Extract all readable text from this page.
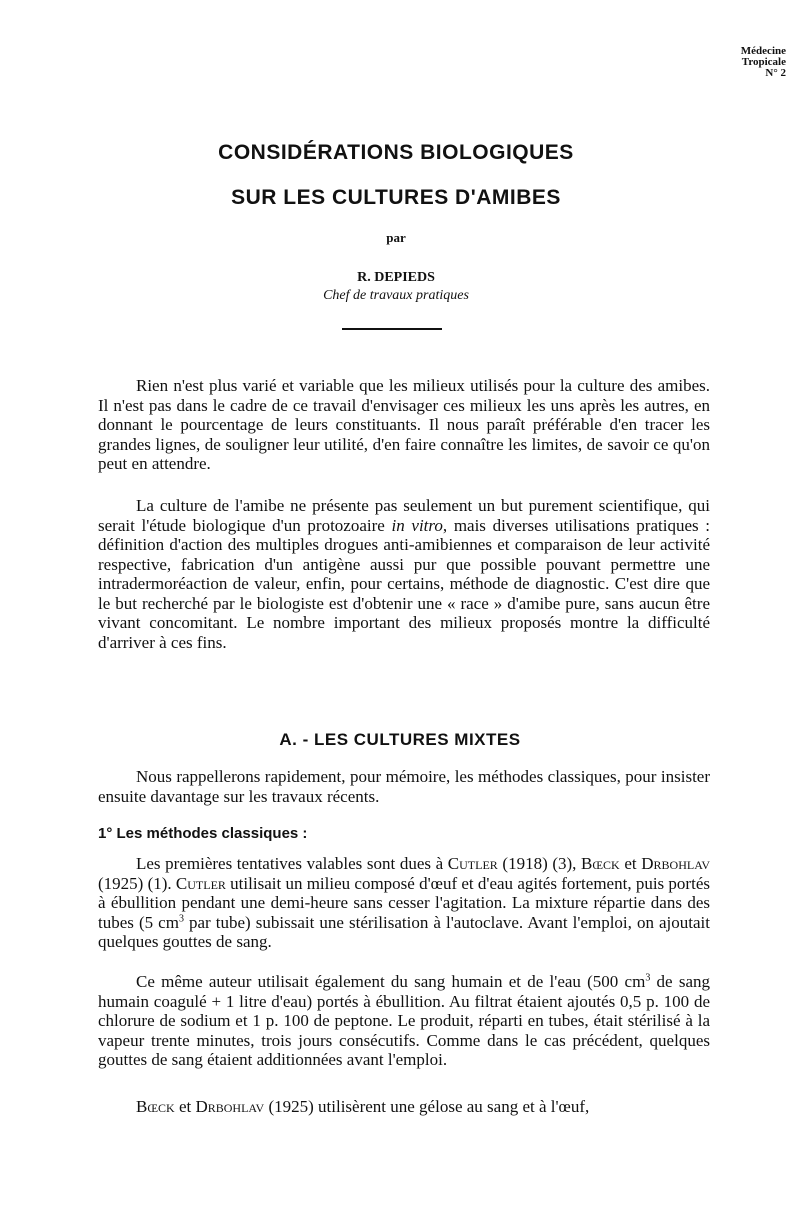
Médecine
Tropicale
N° 2
CONSIDÉRATIONS BIOLOGIQUES
SUR LES CULTURES D'AMIBES
par
R. DEPIEDS
Chef de travaux pratiques

Rien n'est plus varié et variable que les milieux utilisés pour la culture des amibes. Il n'est pas dans le cadre de ce travail d'envisager ces milieux les uns après les autres, en donnant le pourcentage de leurs constituants. Il nous paraît préférable d'en tracer les grandes lignes, de souligner leur utilité, d'en faire connaître les limites, de savoir ce qu'on peut en attendre.

La culture de l'amibe ne présente pas seulement un but purement scientifique, qui serait l'étude biologique d'un protozoaire in vitro, mais diverses utilisations pratiques : définition d'action des multiples drogues anti-amibiennes et comparaison de leur activité respective, fabrication d'un antigène aussi pur que possible pouvant permettre une intradermoréaction de valeur, enfin, pour certains, méthode de diagnostic. C'est dire que le but recherché par le biologiste est d'obtenir une « race » d'amibe pure, sans aucun être vivant concomitant. Le nombre important des milieux proposés montre la difficulté d'arriver à ces fins.

A. - LES CULTURES MIXTES

Nous rappellerons rapidement, pour mémoire, les méthodes classiques, pour insister ensuite davantage sur les travaux récents.

1° Les méthodes classiques :

Les premières tentatives valables sont dues à Cutler (1918) (3), Bœck et Drbohlav (1925) (1). Cutler utilisait un milieu composé d'œuf et d'eau agités fortement, puis portés à ébullition pendant une demi-heure sans cesser l'agitation. La mixture répartie dans des tubes (5 $cm^3$ par tube) subissait une stérilisation à l'autoclave. Avant l'emploi, on ajoutait quelques gouttes de sang.

Ce même auteur utilisait également du sang humain et de l'eau (500 $cm^3$ de sang humain coagulé + 1 litre d'eau) portés à ébullition. Au filtrat étaient ajoutés 0,5 p. 100 de chlorure de sodium et 1 p. 100 de peptone. Le produit, réparti en tubes, était stérilisé à la vapeur trente minutes, trois jours consécutifs. Comme dans le cas précédent, quelques gouttes de sang étaient additionnées avant l'emploi.

Bœck et Drbohlav (1925) utilisèrent une gélose au sang et à l'œuf,
